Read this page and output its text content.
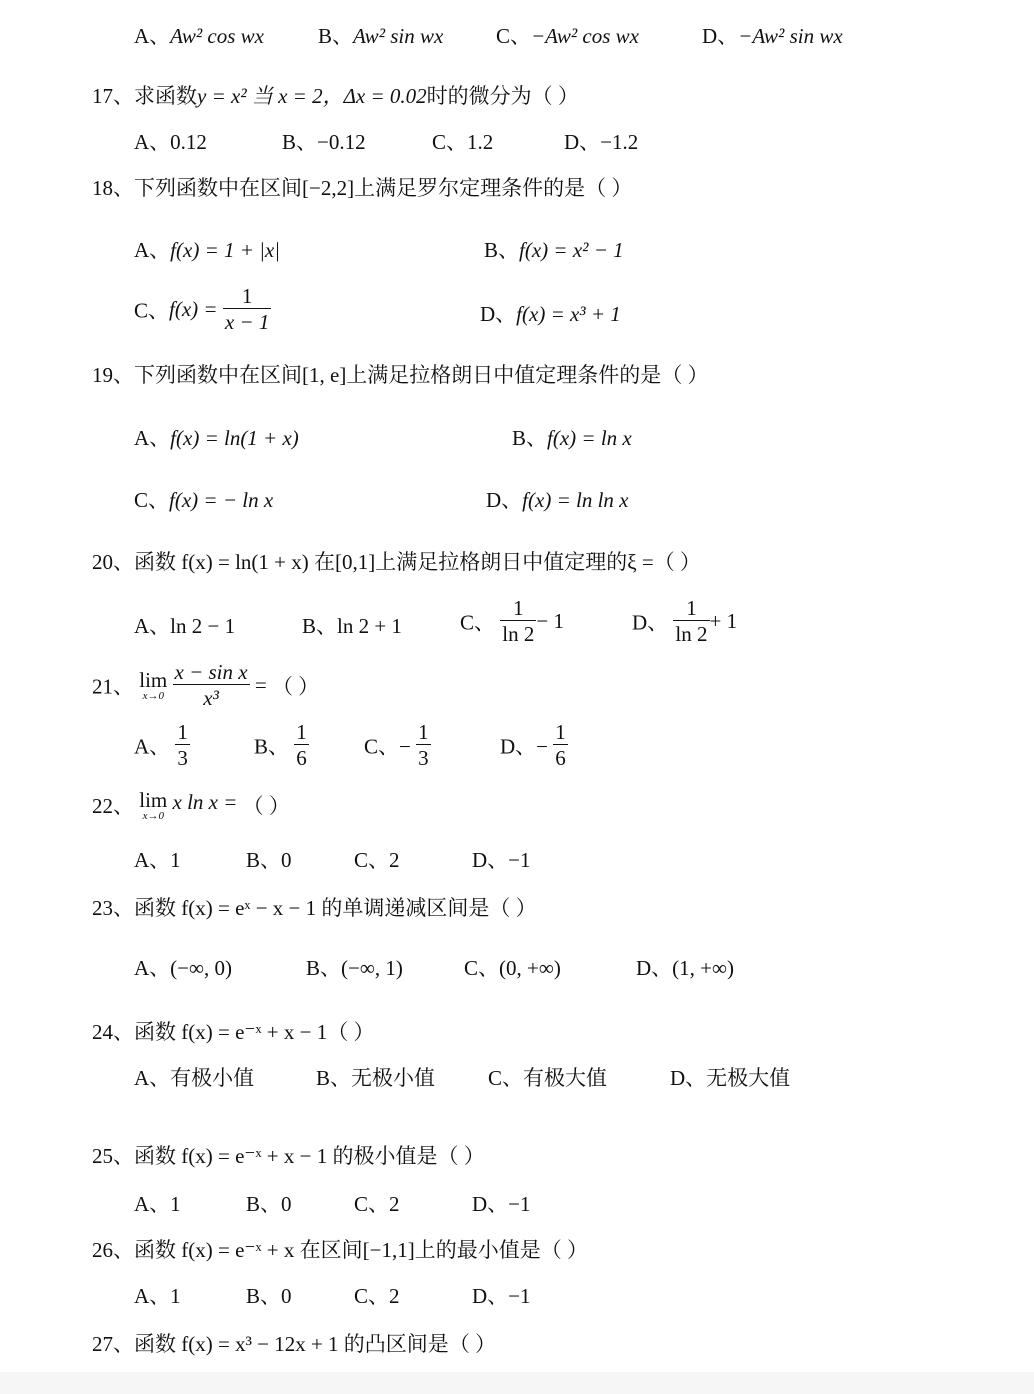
A、Aw² cos wx	B、Aw² sin wx	C、−Aw² cos wx	D、−Aw² sin wx
17、求函数y = x² 当 x = 2，Δx = 0.02时的微分为（ ）
A、0.12	B、−0.12	C、1.2	D、−1.2
18、下列函数中在区间[−2,2]上满足罗尔定理条件的是（ ）
A、f(x) = 1 + |x|	B、f(x) = x² − 1
C、$f(x) = \frac{1}{x - 1}$	D、f(x) = x³ + 1
19、下列函数中在区间[1, e]上满足拉格朗日中值定理条件的是（ ）
A、f(x) = ln(1 + x)	B、f(x) = ln x
C、f(x) = − ln x	D、f(x) = ln ln x
20、函数 f(x) = ln(1 + x) 在[0,1]上满足拉格朗日中值定理的ξ =（ ）
A、ln 2 − 1	B、ln 2 + 1	C、 $\frac{1}{\ln 2} - 1$	D、 $\frac{1}{\ln 2} + 1$
21、 lim
x→0
$\frac{\text{x − sin x}}{\text{x³}}$ = （ ）
A、 $\frac{1}{3}$	B、 $\frac{1}{6}$	C、− $\frac{1}{3}$	D、− $\frac{1}{6}$
22、 lim
x→0
x ln x = （ ）
A、1	B、0	C、2	D、−1
23、函数 f(x) = eˣ − x − 1 的单调递减区间是（ ）
A、(−∞, 0)	B、(−∞, 1)	C、(0, +∞)	D、(1, +∞)
24、函数 f(x) = e⁻ˣ + x − 1（ ）
A、有极小值	B、无极小值	C、有极大值	D、无极大值
25、函数 f(x) = e⁻ˣ + x − 1 的极小值是（ ）
A、1	B、0	C、2	D、−1
26、函数 f(x) = e⁻ˣ + x 在区间[−1,1]上的最小值是（ ）
A、1	B、0	C、2	D、−1
27、函数 f(x) = x³ − 12x + 1 的凸区间是（ ）
